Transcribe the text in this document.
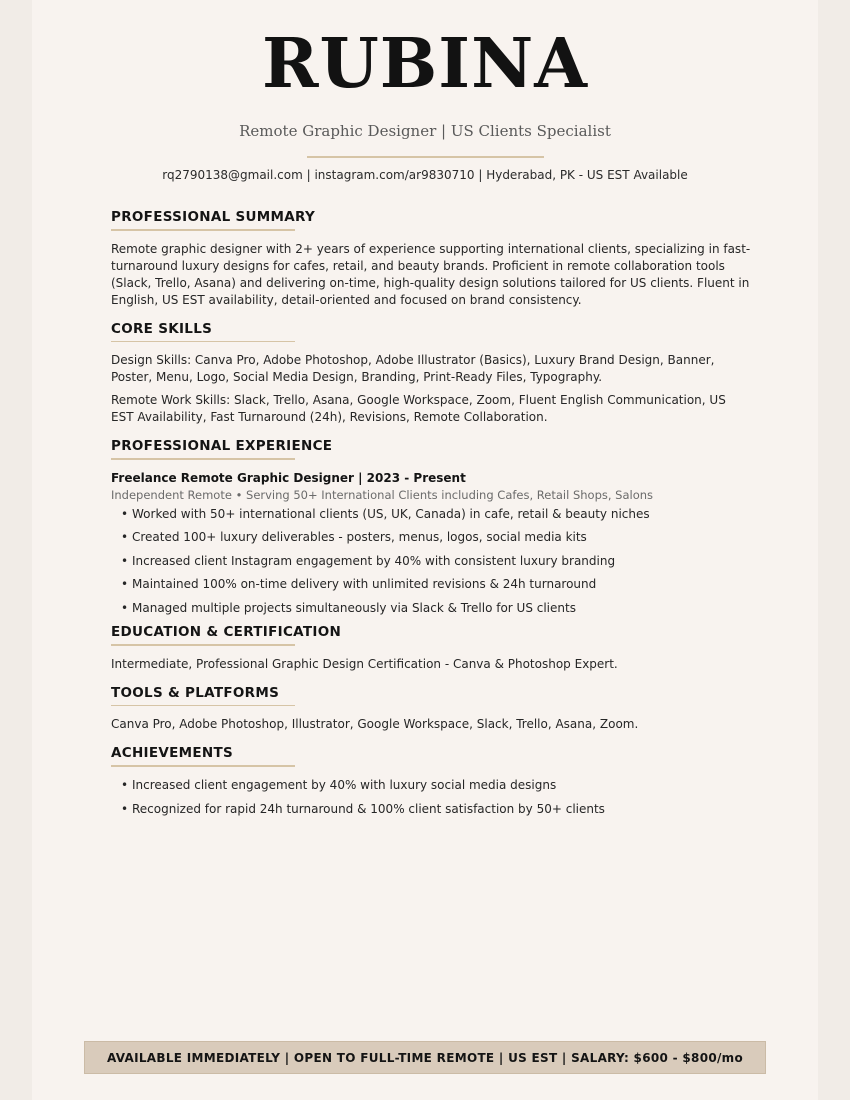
RUBINA
Remote Graphic Designer | US Clients Specialist
rq2790138@gmail.com | instagram.com/ar9830710 | Hyderabad, PK - US EST Available
PROFESSIONAL SUMMARY

Remote graphic designer with 2+ years of experience supporting international clients, specializing in fast-turnaround luxury designs for cafes, retail, and beauty brands. Proficient in remote collaboration tools (Slack, Trello, Asana) and delivering on-time, high-quality design solutions tailored for US clients. Fluent in English, US EST availability, detail-oriented and focused on brand consistency.

CORE SKILLS

Design Skills: Canva Pro, Adobe Photoshop, Adobe Illustrator (Basics), Luxury Brand Design, Banner, Poster, Menu, Logo, Social Media Design, Branding, Print-Ready Files, Typography.

Remote Work Skills: Slack, Trello, Asana, Google Workspace, Zoom, Fluent English Communication, US EST Availability, Fast Turnaround (24h), Revisions, Remote Collaboration.

PROFESSIONAL EXPERIENCE
Freelance Remote Graphic Designer | 2023 - Present
Independent Remote • Serving 50+ International Clients including Cafes, Retail Shops, Salons
• Worked with 50+ international clients (US, UK, Canada) in cafe, retail & beauty niches
• Created 100+ luxury deliverables - posters, menus, logos, social media kits
• Increased client Instagram engagement by 40% with consistent luxury branding
• Maintained 100% on-time delivery with unlimited revisions & 24h turnaround
• Managed multiple projects simultaneously via Slack & Trello for US clients
EDUCATION & CERTIFICATION

Intermediate, Professional Graphic Design Certification - Canva & Photoshop Expert.

TOOLS & PLATFORMS

Canva Pro, Adobe Photoshop, Illustrator, Google Workspace, Slack, Trello, Asana, Zoom.

ACHIEVEMENTS
• Increased client engagement by 40% with luxury social media designs
• Recognized for rapid 24h turnaround & 100% client satisfaction by 50+ clients
AVAILABLE IMMEDIATELY | OPEN TO FULL-TIME REMOTE | US EST | SALARY: $600 - $800/mo
